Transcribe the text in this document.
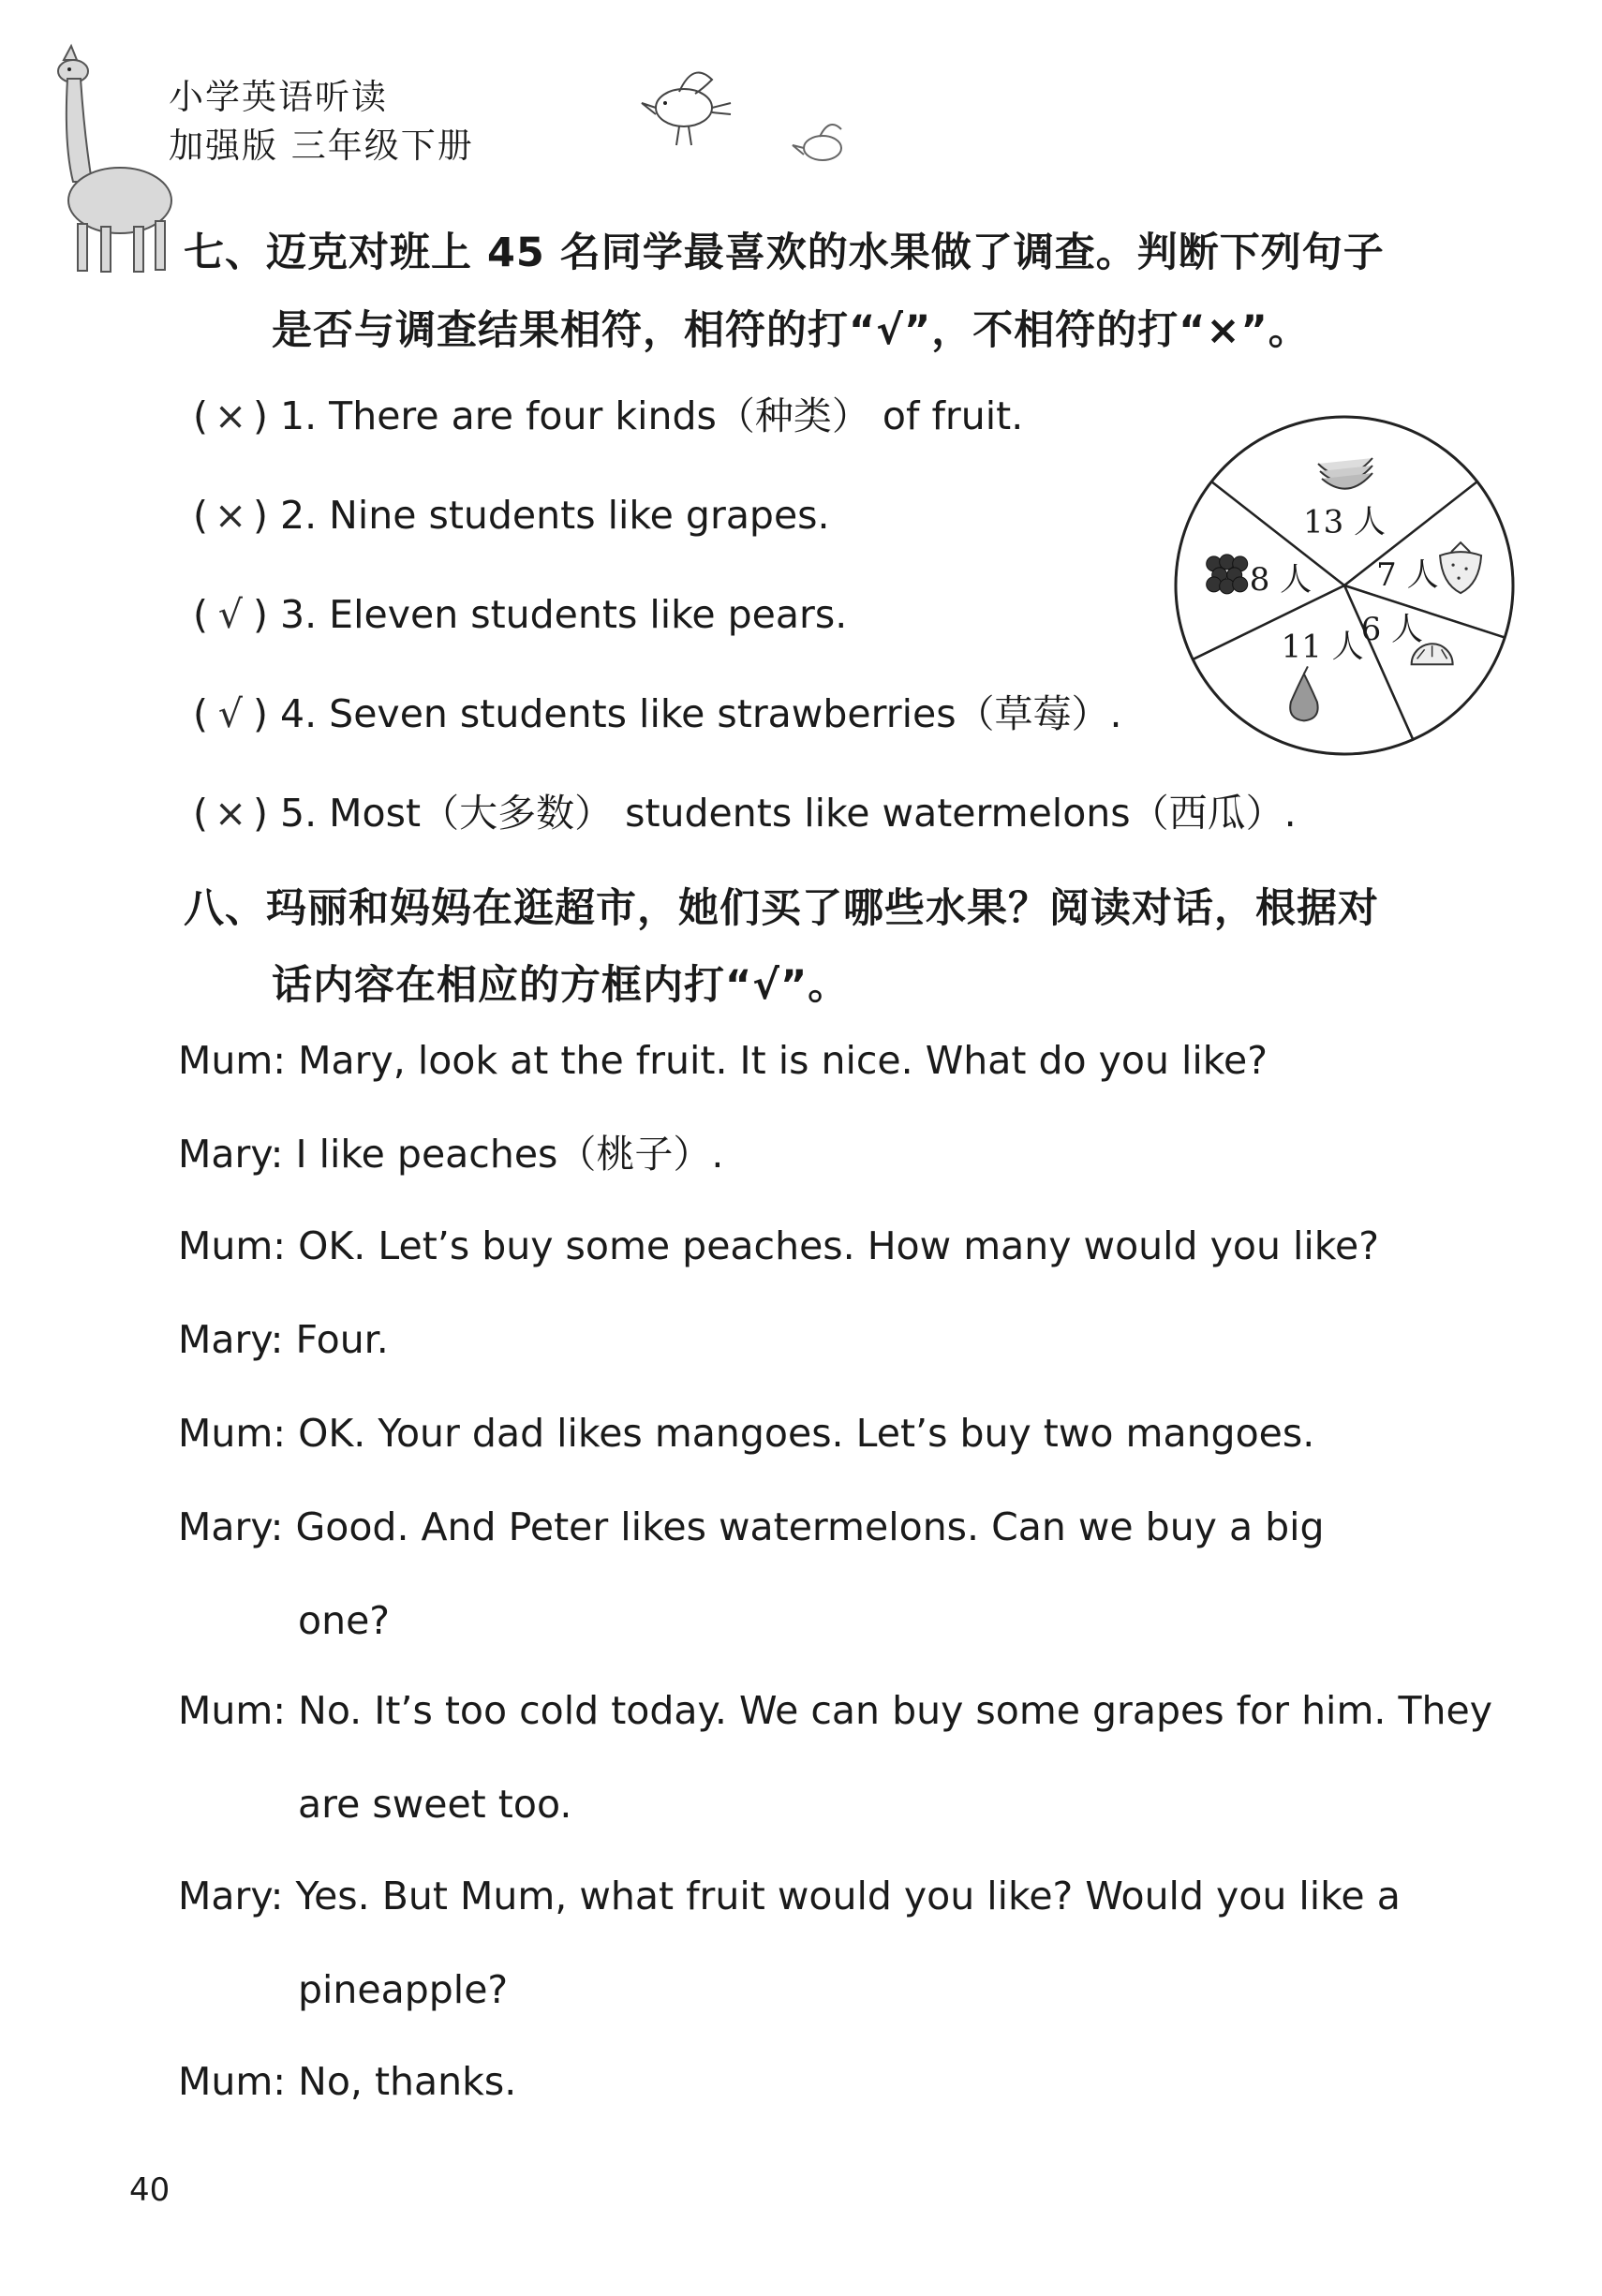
小学英语听读
加强版 三年级下册
七、迈克对班上 45 名同学最喜欢的水果做了调查。判断下列句子
是否与调查结果相符，相符的打“√”，不相符的打“×”。
( × ) 1. There are four kinds（种类） of fruit.
( × ) 2. Nine students like grapes.
( √ ) 3. Eleven students like pears.
( √ ) 4. Seven students like strawberries（草莓）.
( × ) 5. Most（大多数） students like watermelons（西瓜）.
13 人
7 人
6 人
11 人
8 人
八、玛丽和妈妈在逛超市，她们买了哪些水果？阅读对话，根据对
话内容在相应的方框内打“√”。
Mum: Mary, look at the fruit. It is nice. What do you like?
Mary: I like peaches（桃子）.
Mum: OK. Let’s buy some peaches. How many would you like?
Mary: Four.
Mum: OK. Your dad likes mangoes. Let’s buy two mangoes.
Mary: Good. And Peter likes watermelons. Can we buy a big
one?
Mum: No. It’s too cold today. We can buy some grapes for him. They
are sweet too.
Mary: Yes. But Mum, what fruit would you like? Would you like a
pineapple?
Mum: No, thanks.
40
